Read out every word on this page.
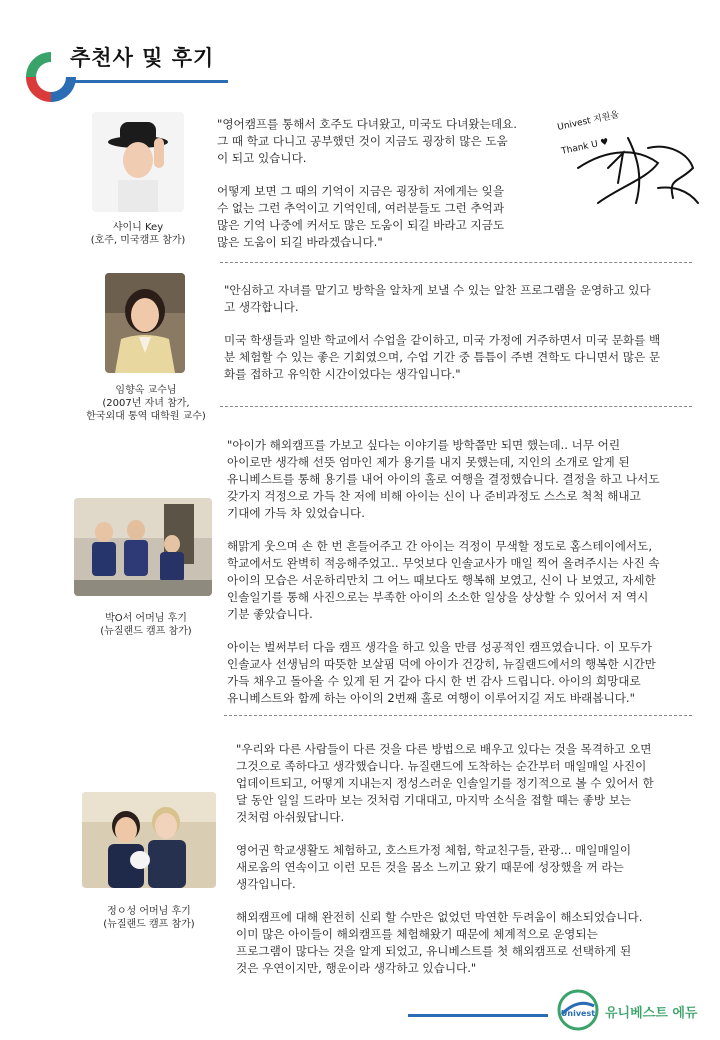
추천사 및 후기
샤이니 Key
(호주, 미국캠프 참가)

"영어캠프를 통해서 호주도 다녀왔고, 미국도 다녀왔는데요.
그 때 학교 다니고 공부했던 것이 지금도 굉장히 많은 도움
이 되고 있습니다.

어떻게 보면 그 때의 기억이 지금은 굉장히 저에게는 잊을
수 없는 그런 추억이고 기억인데, 여러분들도 그런 추억과
많은 기억 나중에 커서도 많은 도움이 되길 바라고 지금도
많은 도움이 되길 바라겠습니다."

Univest 지원을
Thank U ♥
임향옥 교수님
(2007년 자녀 참가,
한국외대 통역 대학원 교수)

"안심하고 자녀를 맡기고 방학을 알차게 보낼 수 있는 알찬 프로그램을 운영하고 있다
고 생각합니다.

미국 학생들과 일반 학교에서 수업을 같이하고, 미국 가정에 거주하면서 미국 문화를 백
분 체험할 수 있는 좋은 기회였으며, 수업 기간 중 틈틈이 주변 견학도 다니면서 많은 문
화를 접하고 유익한 시간이었다는 생각입니다."

박O서 어머님 후기
(뉴질랜드 캠프 참가)

"아이가 해외캠프를 가보고 싶다는 이야기를 방학쯤만 되면 했는데.. 너무 어린
아이로만 생각해 선뜻 엄마인 제가 용기를 내지 못했는데, 지인의 소개로 알게 된
유니베스트를 통해 용기를 내어 아이의 홀로 여행을 결정했습니다. 결정을 하고 나서도
갖가지 걱정으로 가득 찬 저에 비해 아이는 신이 나 준비과정도 스스로 척척 해내고
기대에 가득 차 있었습니다.

해맑게 웃으며 손 한 번 흔들어주고 간 아이는 걱정이 무색할 정도로 홈스테이에서도,
학교에서도 완벽히 적응해주었고.. 무엇보다 인솔교사가 매일 찍어 올려주시는 사진 속
아이의 모습은 서운하리만치 그 어느 때보다도 행복해 보였고, 신이 나 보였고, 자세한
인솔일기를 통해 사진으로는 부족한 아이의 소소한 일상을 상상할 수 있어서 저 역시
기분 좋았습니다.

아이는 벌써부터 다음 캠프 생각을 하고 있을 만큼 성공적인 캠프였습니다. 이 모두가
인솔교사 선생님의 따뜻한 보살핌 덕에 아이가 건강히, 뉴질랜드에서의 행복한 시간만
가득 채우고 돌아올 수 있게 된 거 같아 다시 한 번 감사 드립니다. 아이의 희망대로
유니베스트와 함께 하는 아이의 2번째 홀로 여행이 이루어지길 저도 바래봅니다."

정ㅇ성 어머님 후기
(뉴질랜드 캠프 참가)

"우리와 다른 사람들이 다른 것을 다른 방법으로 배우고 있다는 것을 목격하고 오면
그것으로 족하다고 생각했습니다. 뉴질랜드에 도착하는 순간부터 매일매일 사진이
업데이트되고, 어떻게 지내는지 정성스러운 인솔일기를 정기적으로 볼 수 있어서 한
달 동안 일일 드라마 보는 것처럼 기대대고, 마지막 소식을 접할 때는 좋방 보는
것처럼 아쉬웠답니다.

영어권 학교생활도 체험하고, 호스트가정 체험, 학교친구들, 관광... 매일매일이
새로움의 연속이고 이런 모든 것을 몸소 느끼고 왔기 때문에 성장했을 꺼 라는
생각입니다.

해외캠프에 대해 완전히 신뢰 할 수만은 없었던 막연한 두려움이 해소되었습니다.
이미 많은 아이들이 해외캠프를 체험해왔기 때문에 체계적으로 운영되는
프로그램이 많다는 것을 알게 되었고, 유니베스트를 첫 해외캠프로 선택하게 된
것은 우연이지만, 행운이라 생각하고 있습니다."

Univest 유니베스트 에듀
